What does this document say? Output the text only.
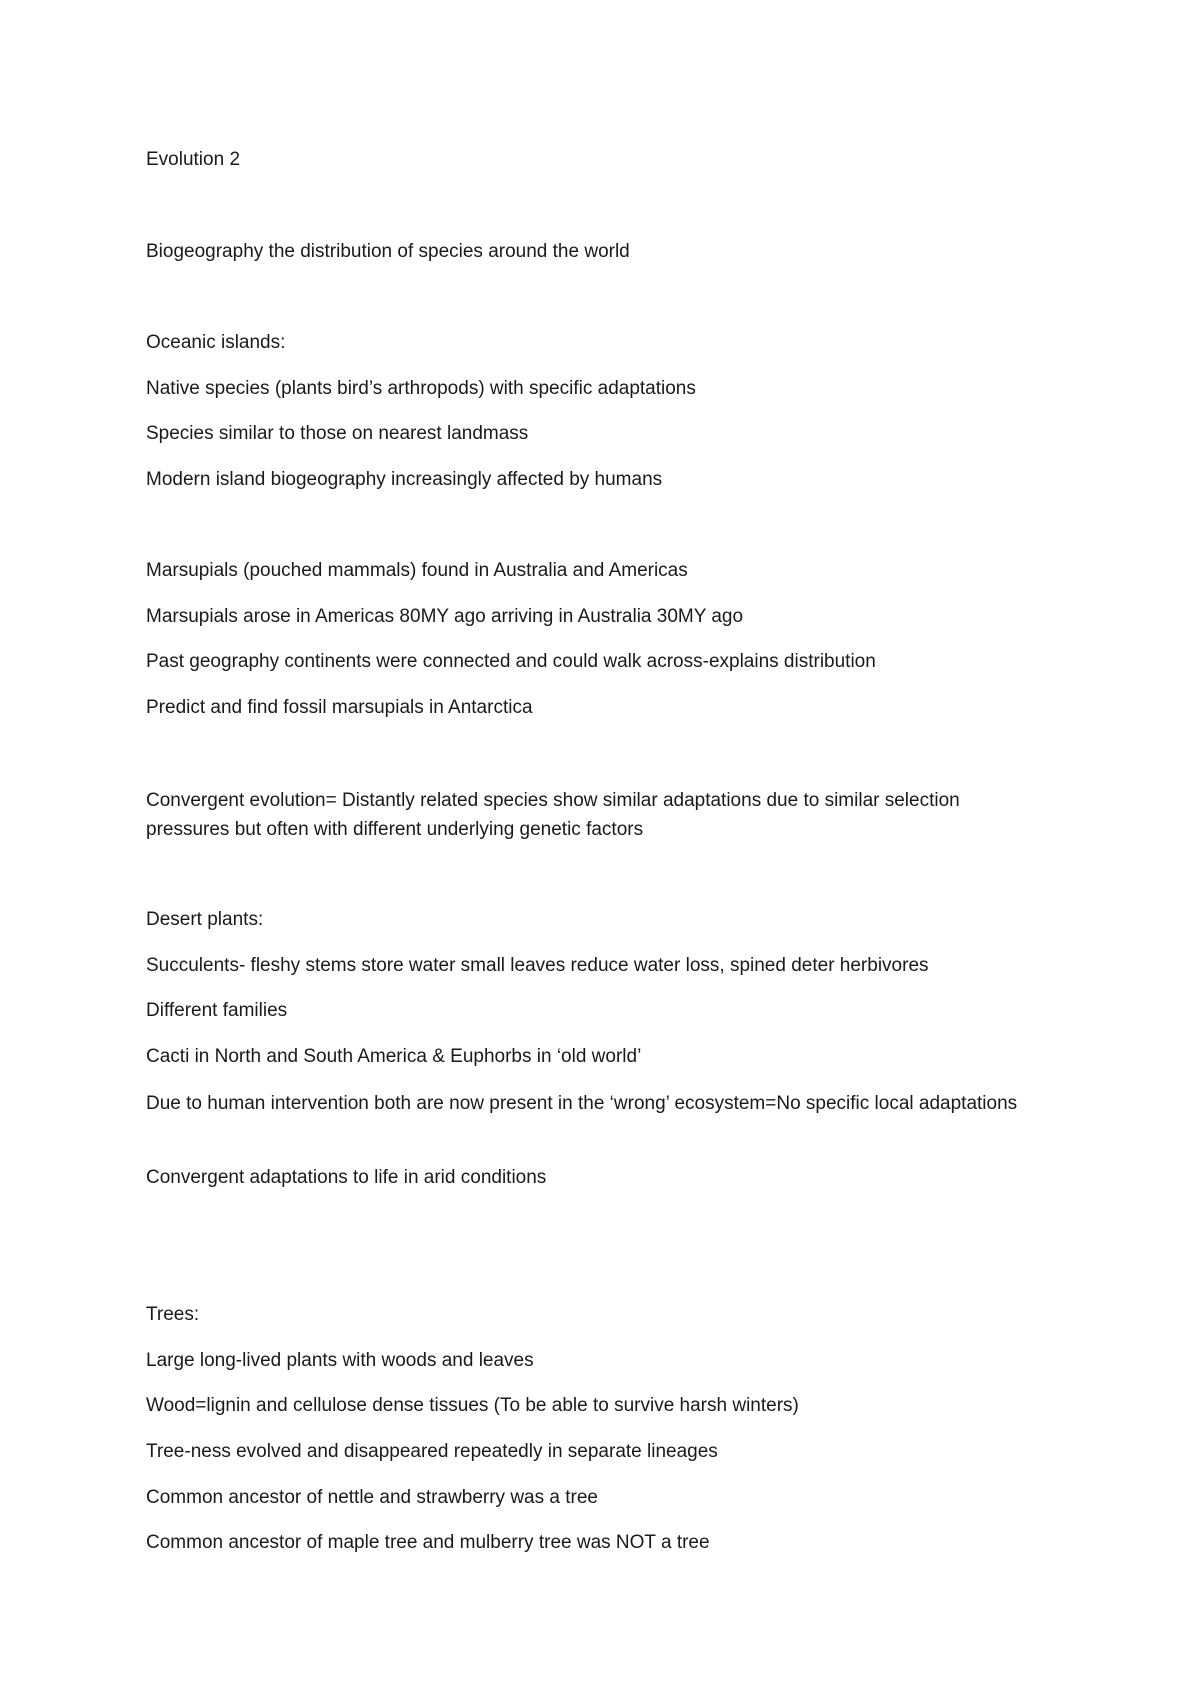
Evolution 2

Biogeography the distribution of species around the world

Oceanic islands:

Native species (plants bird’s arthropods) with specific adaptations

Species similar to those on nearest landmass

Modern island biogeography increasingly affected by humans

Marsupials (pouched mammals) found in Australia and Americas

Marsupials arose in Americas 80MY ago arriving in Australia 30MY ago

Past geography continents were connected and could walk across-explains distribution

Predict and find fossil marsupials in Antarctica

Convergent evolution= Distantly related species show similar adaptations due to similar selection pressures but often with different underlying genetic factors

Desert plants:

Succulents- fleshy stems store water small leaves reduce water loss, spined deter herbivores

Different families

Cacti in North and South America & Euphorbs in ‘old world’

Due to human intervention both are now present in the ‘wrong’ ecosystem=No specific local adaptations

Convergent adaptations to life in arid conditions

Trees:

Large long-lived plants with woods and leaves

Wood=lignin and cellulose dense tissues (To be able to survive harsh winters)

Tree-ness evolved and disappeared repeatedly in separate lineages

Common ancestor of nettle and strawberry was a tree

Common ancestor of maple tree and mulberry tree was NOT a tree
